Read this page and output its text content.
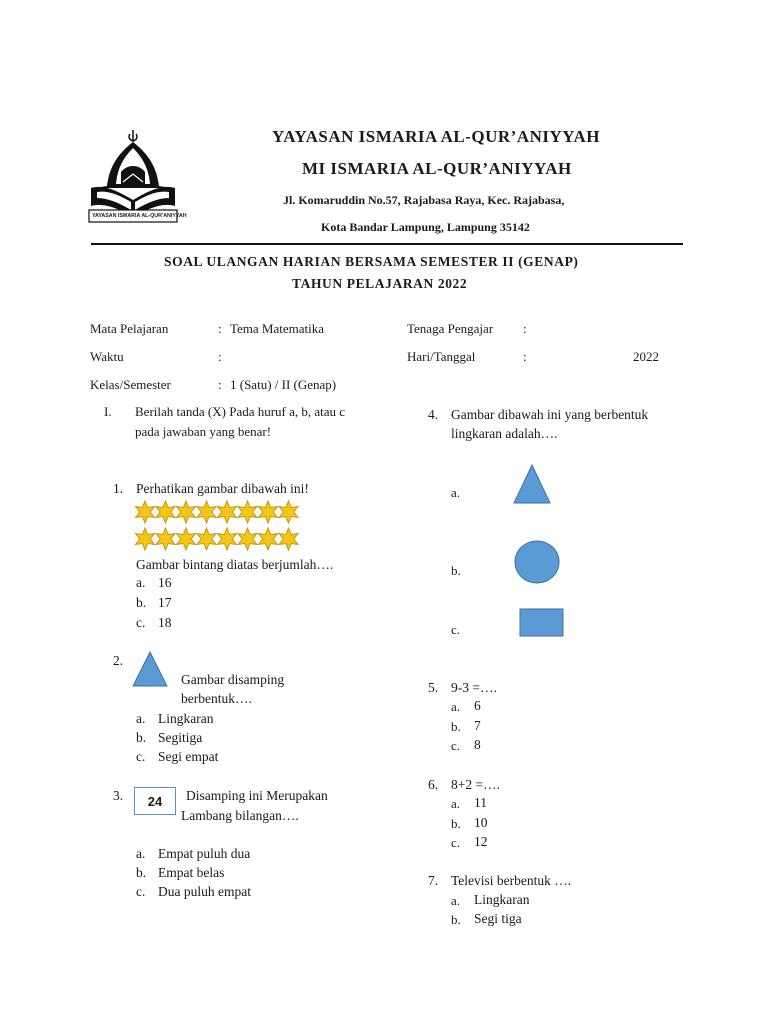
YAYASAN ISMARIA AL-QUR'ANIYYAH
YAYASAN ISMARIA AL-QUR’ANIYYAH
MI ISMARIA AL-QUR’ANIYYAH
Jl. Komaruddin No.57, Rajabasa Raya, Kec. Rajabasa,
Kota Bandar Lampung, Lampung 35142
SOAL ULANGAN HARIAN BERSAMA SEMESTER II (GENAP)
TAHUN PELAJARAN 2022
Mata Pelajaran	: Tema Matematika
Waktu	:
Kelas/Semester	: 1 (Satu) / II (Genap)
Tenaga Pengajar :
Hari/Tanggal	:	2022
I. Berilah tanda (X) Pada huruf a, b, atau c
pada jawaban yang benar!
1. Perhatikan gambar dibawah ini!
Gambar bintang diatas berjumlah….
a. 16
b. 17
c. 18
2.
Gambar disamping
berbentuk….
a. Lingkaran
b. Segitiga
c. Segi empat
3.	24	Disamping ini Merupakan
Lambang bilangan….
a. Empat puluh dua
b. Empat belas
c. Dua puluh empat
4. Gambar dibawah ini yang berbentuk
lingkaran adalah….
a.
b.
c.
5. 9-3 =….
a. 6
b. 7
c. 8
6. 8+2 =….
a. 11
b. 10
c. 12
7. Televisi berbentuk ….
a. Lingkaran
b. Segi tiga
